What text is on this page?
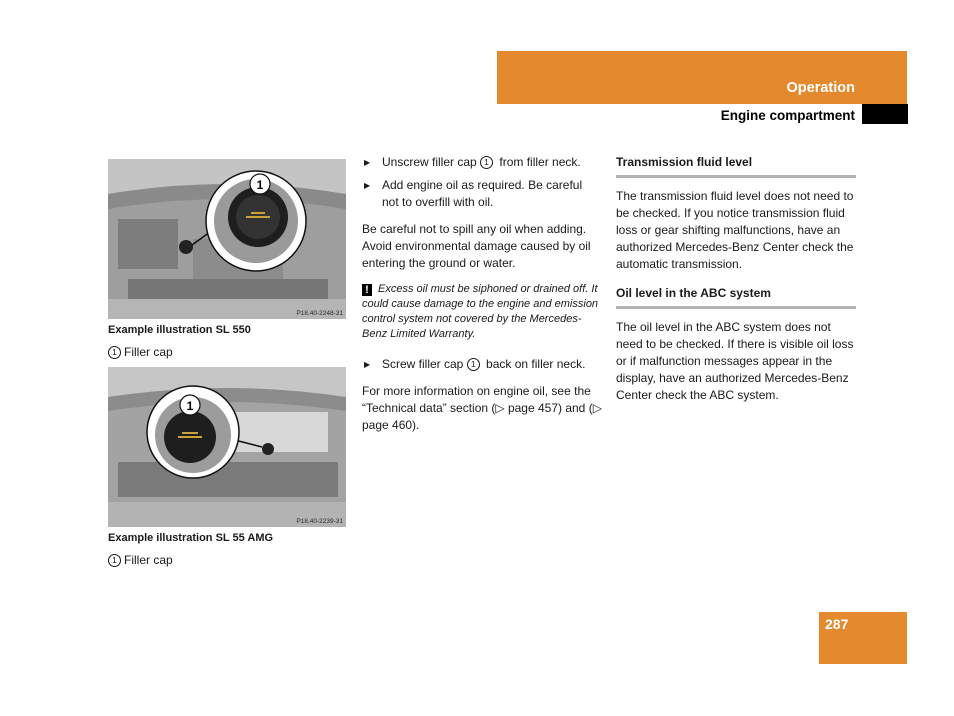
Operation
Engine compartment
1
P18.40-2248-31
Example illustration SL 550
1 Filler cap
1
P18.40-2239-31
Example illustration SL 55 AMG
1 Filler cap
▶ Unscrew filler cap 1 from filler neck.
▶ Add engine oil as required. Be careful not to overfill with oil.
Be careful not to spill any oil when adding. Avoid environmental damage caused by oil entering the ground or water.
! Excess oil must be siphoned or drained off. It could cause damage to the engine and emission control system not covered by the Mercedes-Benz Limited Warranty.
▶ Screw filler cap 1 back on filler neck.
For more information on engine oil, see the “Technical data” section (▷ page 457) and (▷ page 460).
Transmission fluid level
The transmission fluid level does not need to be checked. If you notice transmission fluid loss or gear shifting malfunctions, have an authorized Mercedes-Benz Center check the automatic transmission.
Oil level in the ABC system
The oil level in the ABC system does not need to be checked. If there is visible oil loss or if malfunction messages appear in the display, have an authorized Mercedes-Benz Center check the ABC system.
287
